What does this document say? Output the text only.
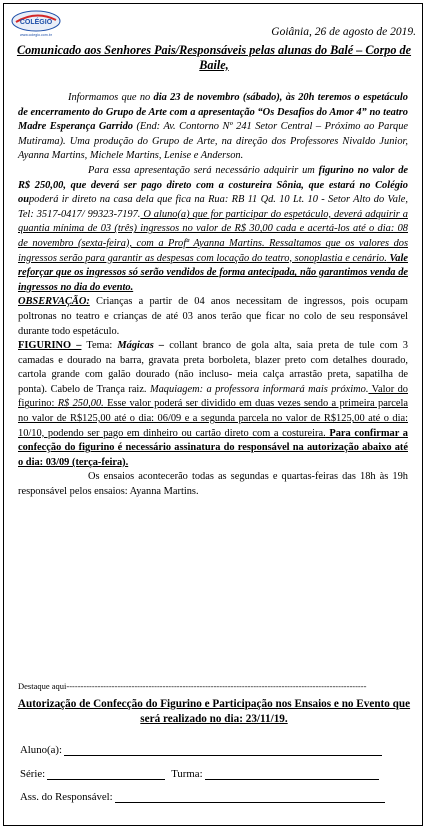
COLÉGIO
www.colegio.com.br	Goiânia, 26 de agosto de 2019.
Comunicado aos Senhores Pais/Responsáveis pelas alunas do Balé – Corpo de Baile,

Informamos que no dia 23 de novembro (sábado), às 20h teremos o espetáculo de encerramento do Grupo de Arte com a apresentação “Os Desafios do Amor 4” no teatro Madre Esperança Garrido (End: Av. Contorno Nº 241 Setor Central – Próximo ao Parque Mutirama). Uma produção do Grupo de Arte, na direção dos Professores Nivaldo Junior, Ayanna Martins, Michele Martins, Lenise e Anderson.

Para essa apresentação será necessário adquirir um figurino no valor de R$ 250,00, que deverá ser pago direto com a costureira Sônia, que estará no Colégio oupoderá ir direto na casa dela que fica na Rua: RB 11 Qd. 10 Lt. 10 - Setor Alto do Vale, Tel: 3517-0417/ 99323-7197. O aluno(a) que for participar do espetáculo, deverá adquirir a quantia mínima de 03 (três) ingressos no valor de R$ 30,00 cada e acertá-los até o dia: 08 de novembro (sexta-feira), com a Profª Ayanna Martins. Ressaltamos que os valores dos ingressos serão para garantir as despesas com locação do teatro, sonoplastia e cenário. Vale reforçar que os ingressos só serão vendidos de forma antecipada, não garantimos venda de ingressos no dia do evento.

OBSERVAÇÃO: Crianças a partir de 04 anos necessitam de ingressos, pois ocupam poltronas no teatro e crianças de até 03 anos terão que ficar no colo de seu responsável durante todo espetáculo.

FIGURINO – Tema: Mágicas – collant branco de gola alta, saia preta de tule com 3 camadas e dourado na barra, gravata preta borboleta, blazer preto com detalhes dourado, cartola grande com galão dourado (não incluso- meia calça arrastão preta, sapatilha de ponta). Cabelo de Trança raiz. Maquiagem: a professora informará mais próximo. Valor do figurino: R$ 250,00. Esse valor poderá ser dividido em duas vezes sendo a primeira parcela no valor de R$125,00 até o dia: 06/09 e a segunda parcela no valor de R$125,00 até o dia: 10/10, podendo ser pago em dinheiro ou cartão direto com a costureira. Para confirmar a confecção do figurino é necessário assinatura do responsável na autorização abaixo até o dia: 03/09 (terça-feira).

Os ensaios acontecerão todas as segundas e quartas-feiras das 18h às 19h responsável pelos ensaios: Ayanna Martins.

Destaque aqui----------------------------------------------------------------------------------------------------------
Autorização de Confecção do Figurino e Participação nos Ensaios e no Evento que será realizado no dia: 23/11/19.
Aluno(a):
Série:	Turma:
Ass. do Responsável:
